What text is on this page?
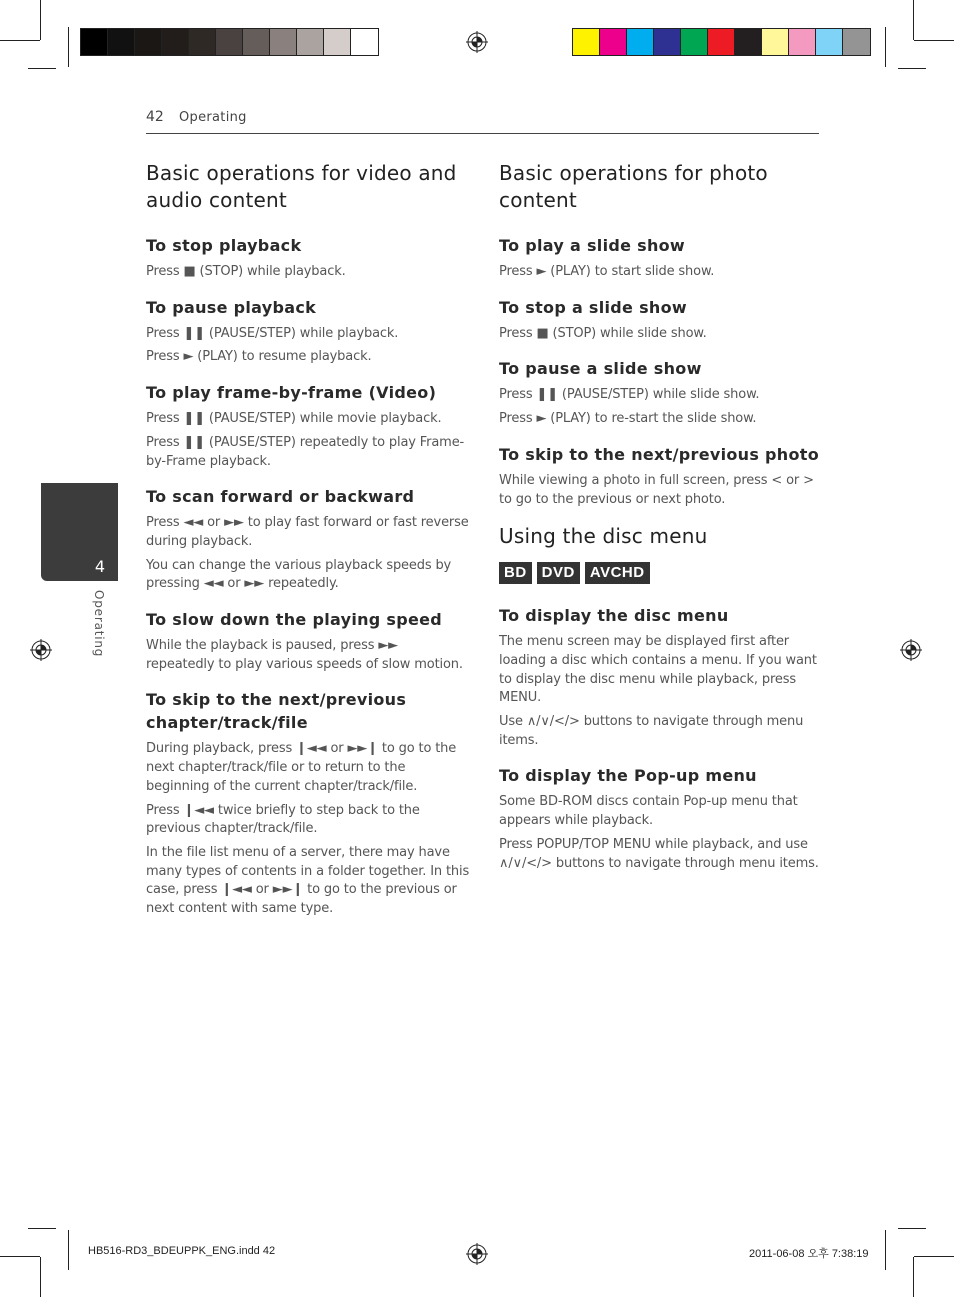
42 Operating
4
Operating
Basic operations for video and audio content
To stop playback

Press ■ (STOP) while playback.

To pause playback

Press ❚❚ (PAUSE/STEP) while playback.

Press ► (PLAY) to resume playback.

To play frame-by-frame (Video)

Press ❚❚ (PAUSE/STEP) while movie playback.

Press ❚❚ (PAUSE/STEP) repeatedly to play Frame-by-Frame playback.

To scan forward or backward

Press ◄◄ or ►► to play fast forward or fast reverse during playback.

You can change the various playback speeds by pressing ◄◄ or ►► repeatedly.

To slow down the playing speed

While the playback is paused, press ►► repeatedly to play various speeds of slow motion.

To skip to the next/previous chapter/track/file

During playback, press ❙◄◄ or ►►❙ to go to the next chapter/track/file or to return to the beginning of the current chapter/track/file.

Press ❙◄◄ twice briefly to step back to the previous chapter/track/file.

In the file list menu of a server, there may have many types of contents in a folder together. In this case, press ❙◄◄ or ►►❙ to go to the previous or next content with same type.

Basic operations for photo content
To play a slide show

Press ► (PLAY) to start slide show.

To stop a slide show

Press ■ (STOP) while slide show.

To pause a slide show

Press ❚❚ (PAUSE/STEP) while slide show.

Press ► (PLAY) to re-start the slide show.

To skip to the next/previous photo

While viewing a photo in full screen, press < or > to go to the previous or next photo.

Using the disc menu
BD	DVD	AVCHD
To display the disc menu

The menu screen may be displayed first after loading a disc which contains a menu. If you want to display the disc menu while playback, press MENU.

Use ∧/∨/</> buttons to navigate through menu items.

To display the Pop-up menu

Some BD-ROM discs contain Pop-up menu that appears while playback.

Press POPUP/TOP MENU while playback, and use ∧/∨/</> buttons to navigate through menu items.

HB516-RD3_BDEUPPK_ENG.indd 42	2011-06-08 오후 7:38:19
